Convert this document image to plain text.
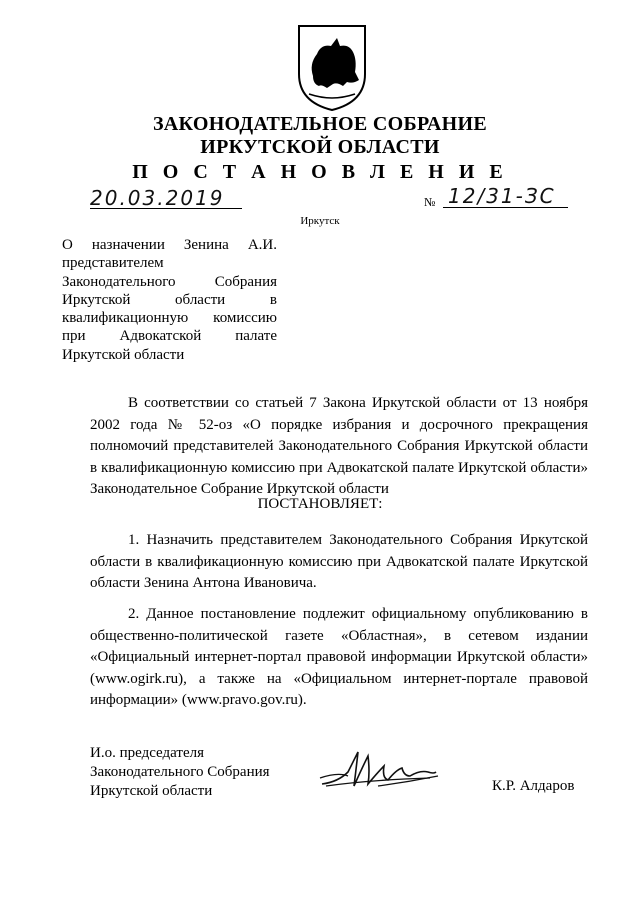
ЗАКОНОДАТЕЛЬНОЕ СОБРАНИЕ
ИРКУТСКОЙ ОБЛАСТИ
П О С Т А Н О В Л Е Н И Е
20.03.2019	№ 12/31-ЗС
Иркутск
О назначении Зенина А.И. представителем Законодательного Собрания Иркутской области в квалификационную комиссию при Адвокатской палате Иркутской области
В соответствии со статьей 7 Закона Иркутской области от 13 ноября 2002 года № 52-оз «О порядке избрания и досрочного прекращения полномочий представителей Законодательного Собрания Иркутской области в квалификационную комиссию при Адвокатской палате Иркутской области» Законодательное Собрание Иркутской области
ПОСТАНОВЛЯЕТ:
1. Назначить представителем Законодательного Собрания Иркутской области в квалификационную комиссию при Адвокатской палате Иркутской области Зенина Антона Ивановича.
2. Данное постановление подлежит официальному опубликованию в общественно-политической газете «Областная», в сетевом издании «Официальный интернет-портал правовой информации Иркутской области» (www.ogirk.ru), а также на «Официальном интернет-портале правовой информации» (www.pravo.gov.ru).
И.о. председателя
Законодательного Собрания
Иркутской области	К.Р. Алдаров
